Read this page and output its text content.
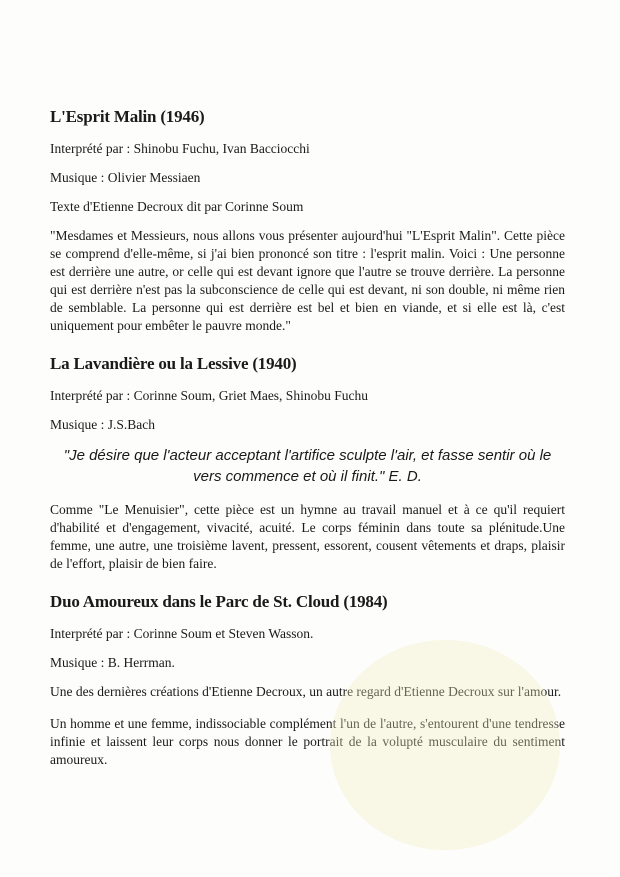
L'Esprit Malin (1946)

Interprété par : Shinobu Fuchu, Ivan Bacciocchi

Musique : Olivier Messiaen

Texte d'Etienne Decroux dit par Corinne Soum

"Mesdames et Messieurs, nous allons vous présenter aujourd'hui "L'Esprit Malin". Cette pièce se comprend d'elle-même, si j'ai bien prononcé son titre : l'esprit malin. Voici : Une personne est derrière une autre, or celle qui est devant ignore que l'autre se trouve derrière. La personne qui est derrière n'est pas la subconscience de celle qui est devant, ni son double, ni même rien de semblable. La personne qui est derrière est bel et bien en viande, et si elle est là, c'est uniquement pour embêter le pauvre monde."

La Lavandière ou la Lessive (1940)

Interprété par : Corinne Soum, Griet Maes, Shinobu Fuchu

Musique : J.S.Bach

"Je désire que l'acteur acceptant l'artifice sculpte l'air, et fasse sentir où le vers commence et où il finit." E. D.

Comme "Le Menuisier", cette pièce est un hymne au travail manuel et à ce qu'il requiert d'habilité et d'engagement, vivacité, acuité. Le corps féminin dans toute sa plénitude.Une femme, une autre, une troisième lavent, pressent, essorent, cousent vêtements et draps, plaisir de l'effort, plaisir de bien faire.

Duo Amoureux dans le Parc de St. Cloud (1984)

Interprété par : Corinne Soum et Steven Wasson.

Musique : B. Herrman.

Une des dernières créations d'Etienne Decroux, un autre regard d'Etienne Decroux sur l'amour.

Un homme et une femme, indissociable complément l'un de l'autre, s'entourent d'une tendresse infinie et laissent leur corps nous donner le portrait de la volupté musculaire du sentiment amoureux.
